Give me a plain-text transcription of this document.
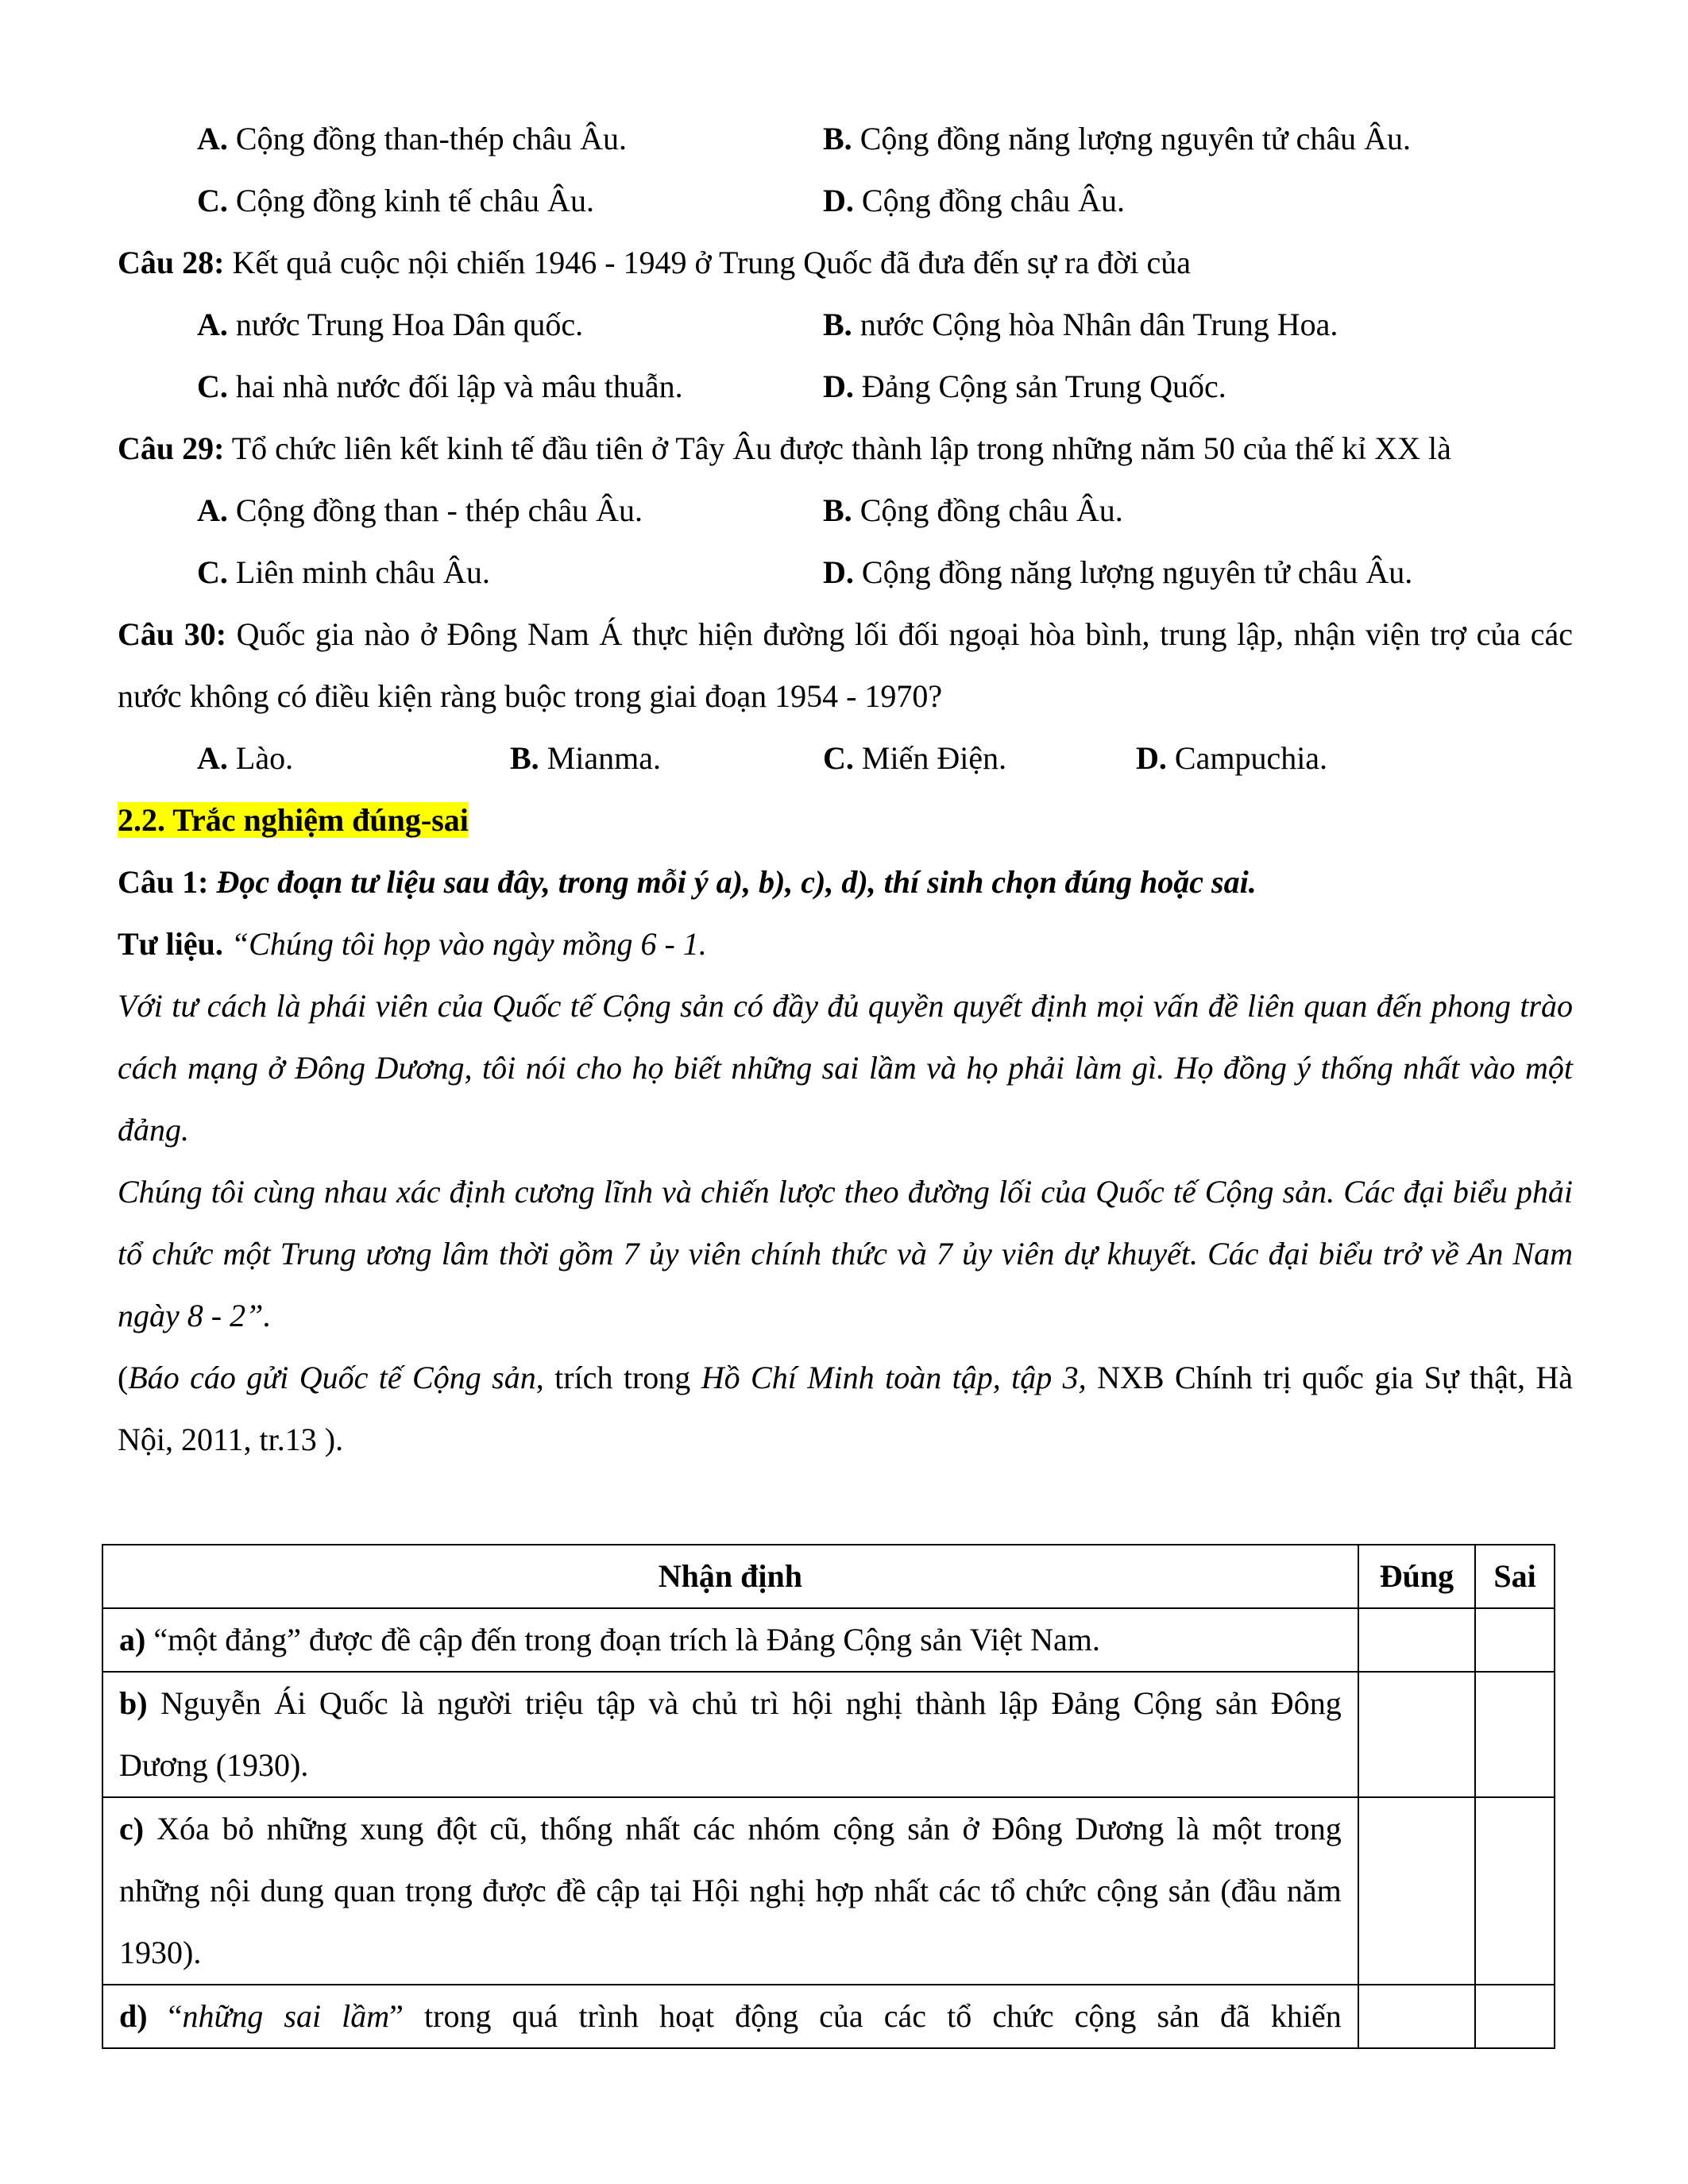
A. Cộng đồng than-thép châu Âu.	B. Cộng đồng năng lượng nguyên tử châu Âu.
C. Cộng đồng kinh tế châu Âu.	D. Cộng đồng châu Âu.
Câu 28: Kết quả cuộc nội chiến 1946 - 1949 ở Trung Quốc đã đưa đến sự ra đời của
A. nước Trung Hoa Dân quốc.	B. nước Cộng hòa Nhân dân Trung Hoa.
C. hai nhà nước đối lập và mâu thuẫn.	D. Đảng Cộng sản Trung Quốc.
Câu 29: Tổ chức liên kết kinh tế đầu tiên ở Tây Âu được thành lập trong những năm 50 của thế kỉ XX là
A. Cộng đồng than - thép châu Âu.	B. Cộng đồng châu Âu.
C. Liên minh châu Âu.	D. Cộng đồng năng lượng nguyên tử châu Âu.
Câu 30: Quốc gia nào ở Đông Nam Á thực hiện đường lối đối ngoại hòa bình, trung lập, nhận viện trợ của các nước không có điều kiện ràng buộc trong giai đoạn 1954 - 1970?
A. Lào.	B. Mianma.	C. Miến Điện.	D. Campuchia.
2.2. Trắc nghiệm đúng-sai
Câu 1: Đọc đoạn tư liệu sau đây, trong mỗi ý a), b), c), d), thí sinh chọn đúng hoặc sai.
Tư liệu. “Chúng tôi họp vào ngày mồng 6 - 1.
Với tư cách là phái viên của Quốc tế Cộng sản có đầy đủ quyền quyết định mọi vấn đề liên quan đến phong trào cách mạng ở Đông Dương, tôi nói cho họ biết những sai lầm và họ phải làm gì. Họ đồng ý thống nhất vào một đảng.
Chúng tôi cùng nhau xác định cương lĩnh và chiến lược theo đường lối của Quốc tế Cộng sản. Các đại biểu phải tổ chức một Trung ương lâm thời gồm 7 ủy viên chính thức và 7 ủy viên dự khuyết. Các đại biểu trở về An Nam ngày 8 - 2”.
(Báo cáo gửi Quốc tế Cộng sản, trích trong Hồ Chí Minh toàn tập, tập 3, NXB Chính trị quốc gia Sự thật, Hà Nội, 2011, tr.13 ).
Nhận định	Đúng	Sai
a) “một đảng” được đề cập đến trong đoạn trích là Đảng Cộng sản Việt Nam.		
b) Nguyễn Ái Quốc là người triệu tập và chủ trì hội nghị thành lập Đảng Cộng sản Đông Dương (1930).		
c) Xóa bỏ những xung đột cũ, thống nhất các nhóm cộng sản ở Đông Dương là một trong những nội dung quan trọng được đề cập tại Hội nghị hợp nhất các tổ chức cộng sản (đầu năm 1930).		
d) “những sai lầm” trong quá trình hoạt động của các tổ chức cộng sản đã khiến		
